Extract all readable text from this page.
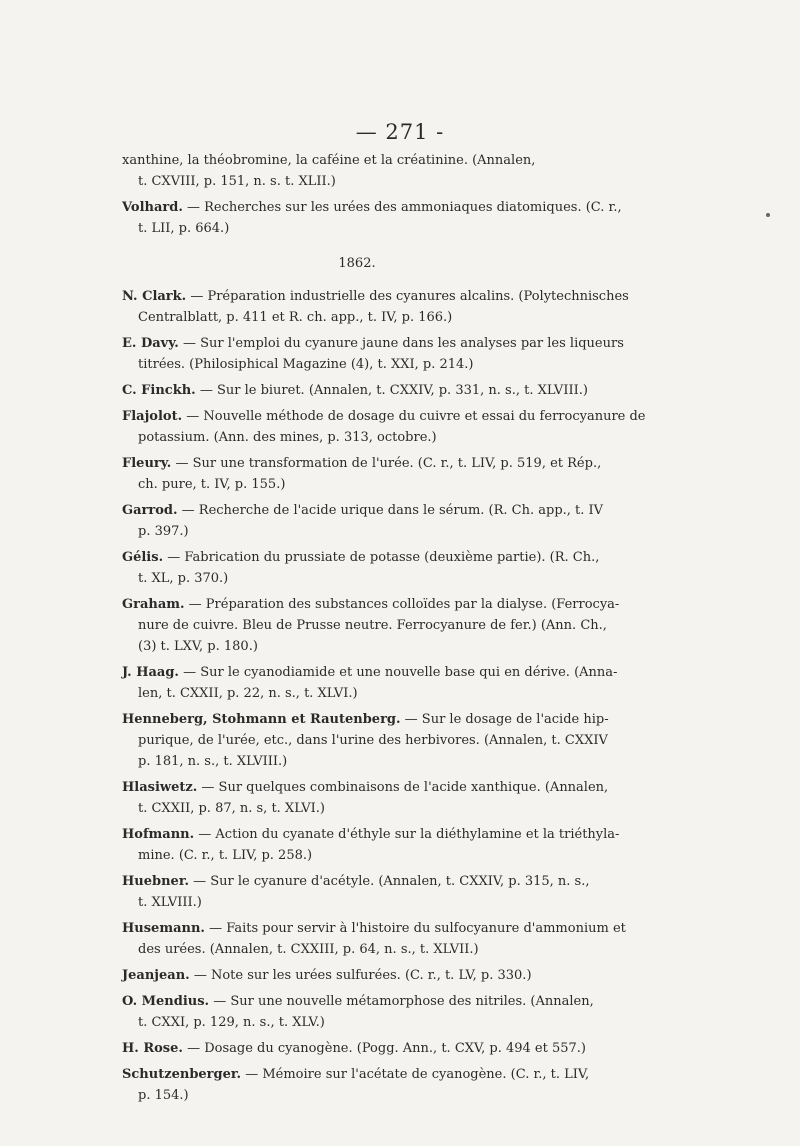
— 271 -
xanthine, la théobromine, la caféine et la créatinine. (Annalen,
t. CXVIII, p. 151, n. s. t. XLII.)
Volhard. — Recherches sur les urées des ammoniaques diatomiques. (C. r.,
t. LII, p. 664.)
1862.
N. Clark. — Préparation industrielle des cyanures alcalins. (Polytechnisches
Centralblatt, p. 411 et R. ch. app., t. IV, p. 166.)
E. Davy. — Sur l'emploi du cyanure jaune dans les analyses par les liqueurs
titrées. (Philosiphical Magazine (4), t. XXI, p. 214.)
C. Finckh. — Sur le biuret. (Annalen, t. CXXIV, p. 331, n. s., t. XLVIII.)
Flajolot. — Nouvelle méthode de dosage du cuivre et essai du ferrocyanure de
potassium. (Ann. des mines, p. 313, octobre.)
Fleury. — Sur une transformation de l'urée. (C. r., t. LIV, p. 519, et Rép.,
ch. pure, t. IV, p. 155.)
Garrod. — Recherche de l'acide urique dans le sérum. (R. Ch. app., t. IV
p. 397.)
Gélis. — Fabrication du prussiate de potasse (deuxième partie). (R. Ch.,
t. XL, p. 370.)
Graham. — Préparation des substances colloïdes par la dialyse. (Ferrocya-
nure de cuivre. Bleu de Prusse neutre. Ferrocyanure de fer.) (Ann. Ch.,
(3) t. LXV, p. 180.)
J. Haag. — Sur le cyanodiamide et une nouvelle base qui en dérive. (Anna-
len, t. CXXII, p. 22, n. s., t. XLVI.)
Henneberg, Stohmann et Rautenberg. — Sur le dosage de l'acide hip-
purique, de l'urée, etc., dans l'urine des herbivores. (Annalen, t. CXXIV
p. 181, n. s., t. XLVIII.)
Hlasiwetz. — Sur quelques combinaisons de l'acide xanthique. (Annalen,
t. CXXII, p. 87, n. s, t. XLVI.)
Hofmann. — Action du cyanate d'éthyle sur la diéthylamine et la triéthyla-
mine. (C. r., t. LIV, p. 258.)
Huebner. — Sur le cyanure d'acétyle. (Annalen, t. CXXIV, p. 315, n. s.,
t. XLVIII.)
Husemann. — Faits pour servir à l'histoire du sulfocyanure d'ammonium et
des urées. (Annalen, t. CXXIII, p. 64, n. s., t. XLVII.)
Jeanjean. — Note sur les urées sulfurées. (C. r., t. LV, p. 330.)
O. Mendius. — Sur une nouvelle métamorphose des nitriles. (Annalen,
t. CXXI, p. 129, n. s., t. XLV.)
H. Rose. — Dosage du cyanogène. (Pogg. Ann., t. CXV, p. 494 et 557.)
Schutzenberger. — Mémoire sur l'acétate de cyanogène. (C. r., t. LIV,
p. 154.)
